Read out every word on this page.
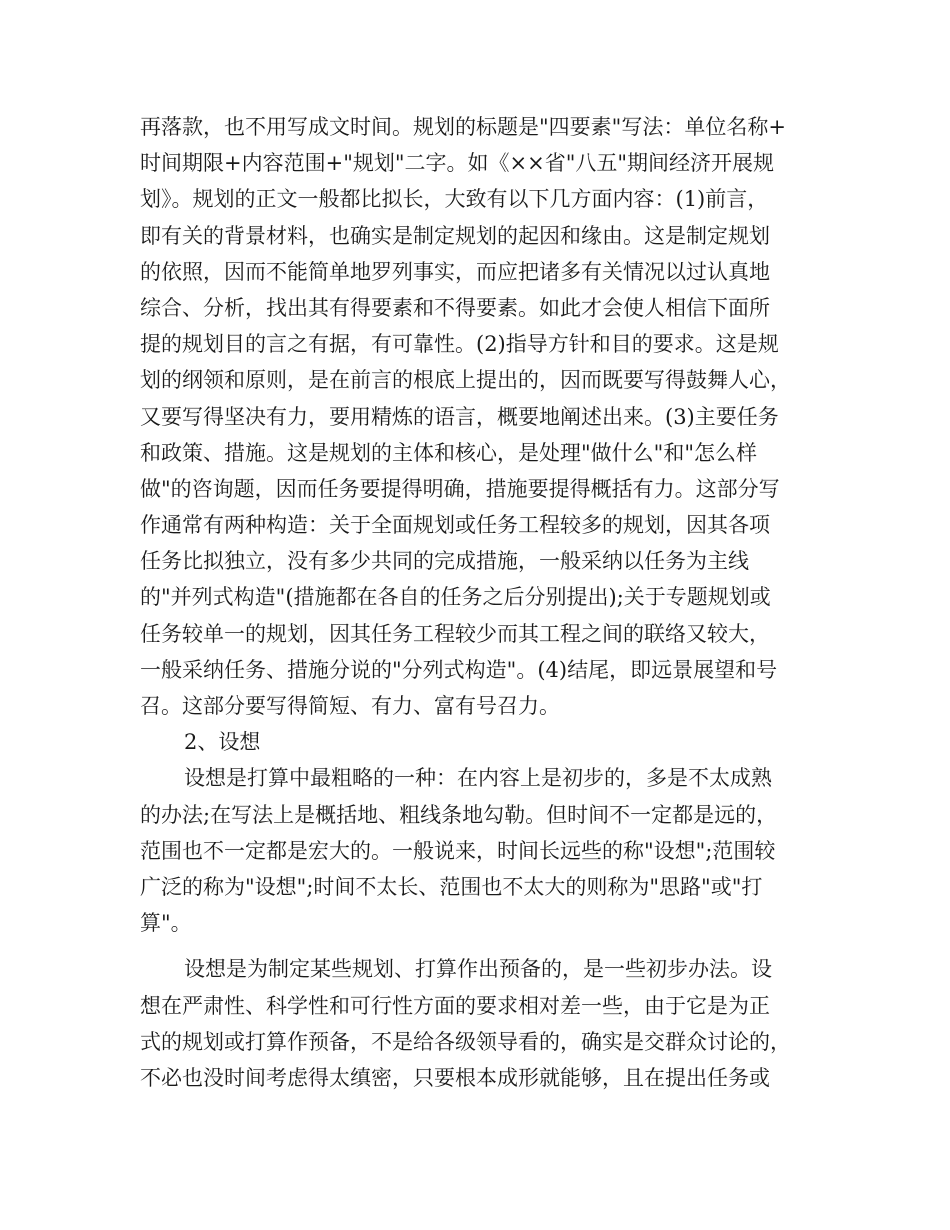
再落款，也不用写成文时间。规划的标题是"四要素"写法：单位名称+
时间期限+内容范围+"规划"二字。如《××省"八五"期间经济开展规
划》。规划的正文一般都比拟长，大致有以下几方面内容：(1)前言，
即有关的背景材料，也确实是制定规划的起因和缘由。这是制定规划
的依照，因而不能简单地罗列事实，而应把诸多有关情况以过认真地
综合、分析，找出其有得要素和不得要素。如此才会使人相信下面所
提的规划目的言之有据，有可靠性。(2)指导方针和目的要求。这是规
划的纲领和原则，是在前言的根底上提出的，因而既要写得鼓舞人心，
又要写得坚决有力，要用精炼的语言，概要地阐述出来。(3)主要任务
和政策、措施。这是规划的主体和核心，是处理"做什么"和"怎么样
做"的咨询题，因而任务要提得明确，措施要提得概括有力。这部分写
作通常有两种构造：关于全面规划或任务工程较多的规划，因其各项
任务比拟独立，没有多少共同的完成措施，一般采纳以任务为主线
的"并列式构造"(措施都在各自的任务之后分别提出);关于专题规划或
任务较单一的规划，因其任务工程较少而其工程之间的联络又较大，
一般采纳任务、措施分说的"分列式构造"。(4)结尾，即远景展望和号
召。这部分要写得简短、有力、富有号召力。
2、设想
设想是打算中最粗略的一种：在内容上是初步的，多是不太成熟
的办法;在写法上是概括地、粗线条地勾勒。但时间不一定都是远的，
范围也不一定都是宏大的。一般说来，时间长远些的称"设想";范围较
广泛的称为"设想";时间不太长、范围也不太大的则称为"思路"或"打
算"。
设想是为制定某些规划、打算作出预备的，是一些初步办法。设
想在严肃性、科学性和可行性方面的要求相对差一些，由于它是为正
式的规划或打算作预备，不是给各级领导看的，确实是交群众讨论的，
不必也没时间考虑得太缜密，只要根本成形就能够，且在提出任务或
